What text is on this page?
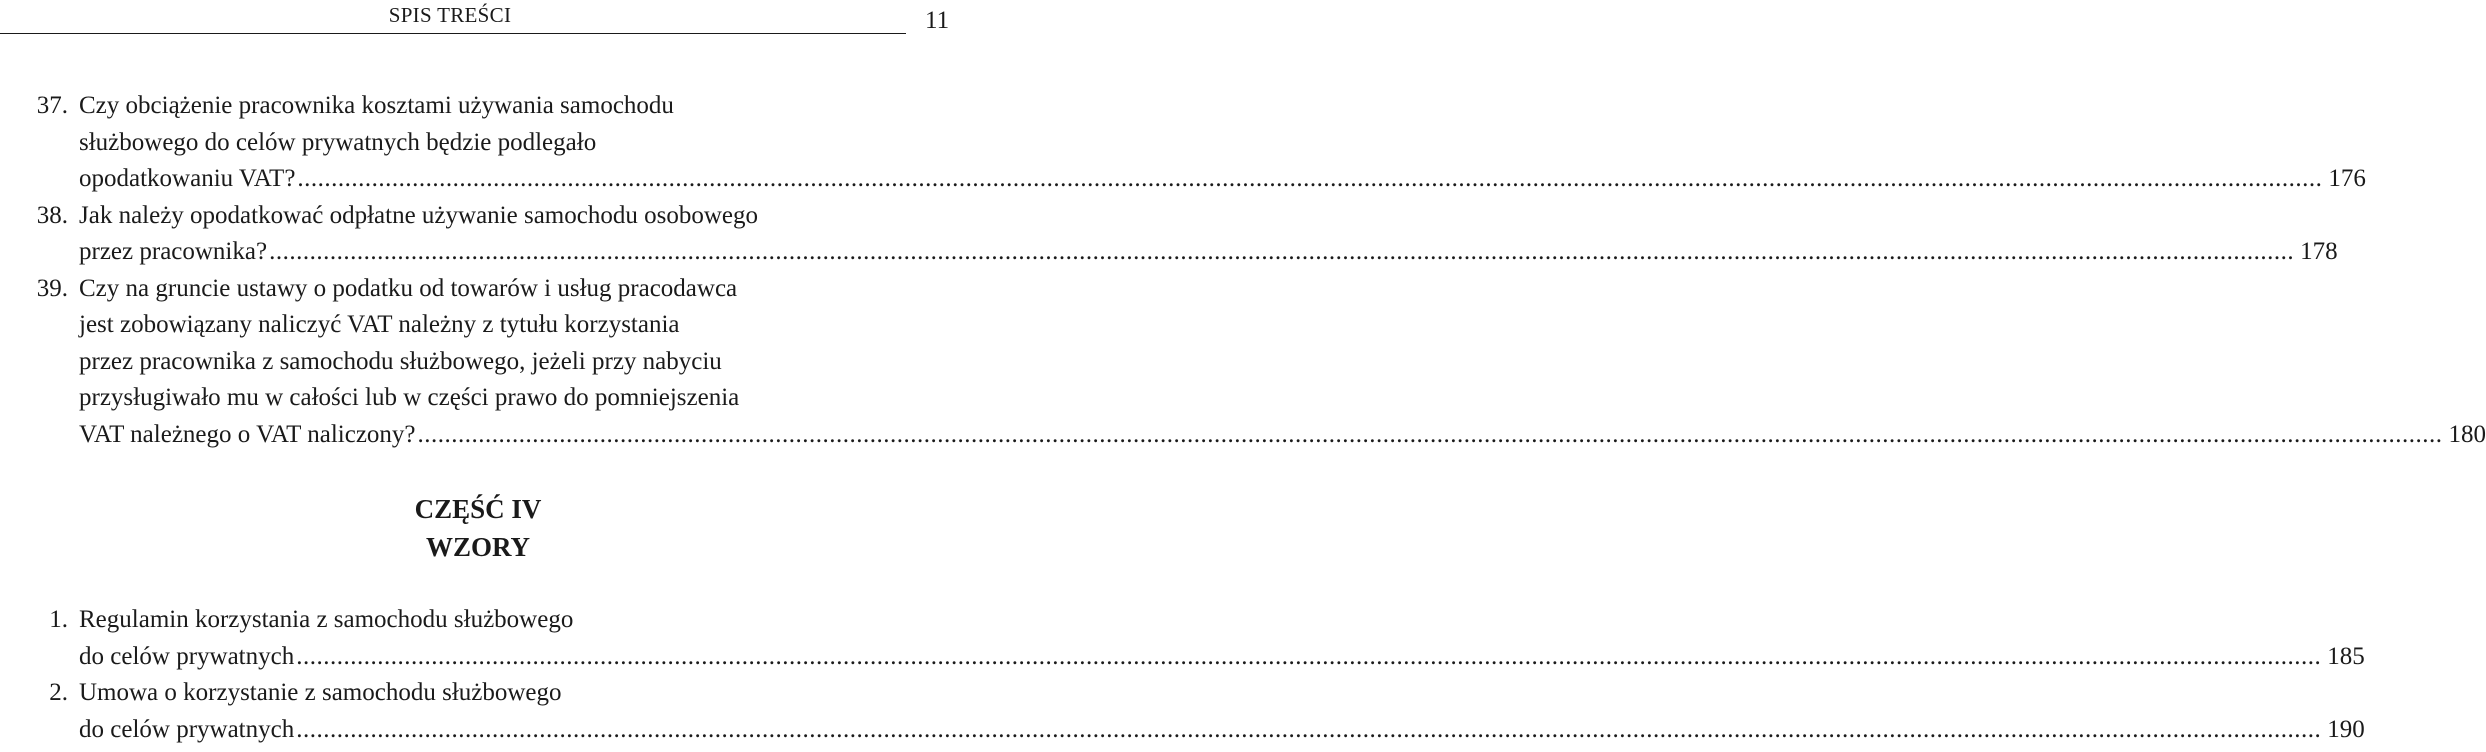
SPIS TREŚCI	11
37. Czy obciążenie pracownika kosztami używania samochodu
służbowego do celów prywatnych będzie podlegało
opodatkowaniu VAT? ............................................................................................................................................................................................................................................................................................................ 176
38. Jak należy opodatkować odpłatne używanie samochodu osobowego
przez pracownika? ............................................................................................................................................................................................................................................................................................................ 178
39. Czy na gruncie ustawy o podatku od towarów i usług pracodawca
jest zobowiązany naliczyć VAT należny z tytułu korzystania
przez pracownika z samochodu służbowego, jeżeli przy nabyciu
przysługiwało mu w całości lub w części prawo do pomniejszenia
VAT należnego o VAT naliczony? ............................................................................................................................................................................................................................................................................................................ 180
CZĘŚĆ IV
WZORY
1. Regulamin korzystania z samochodu służbowego
do celów prywatnych ............................................................................................................................................................................................................................................................................................................ 185
2. Umowa o korzystanie z samochodu służbowego
do celów prywatnych ............................................................................................................................................................................................................................................................................................................ 190
